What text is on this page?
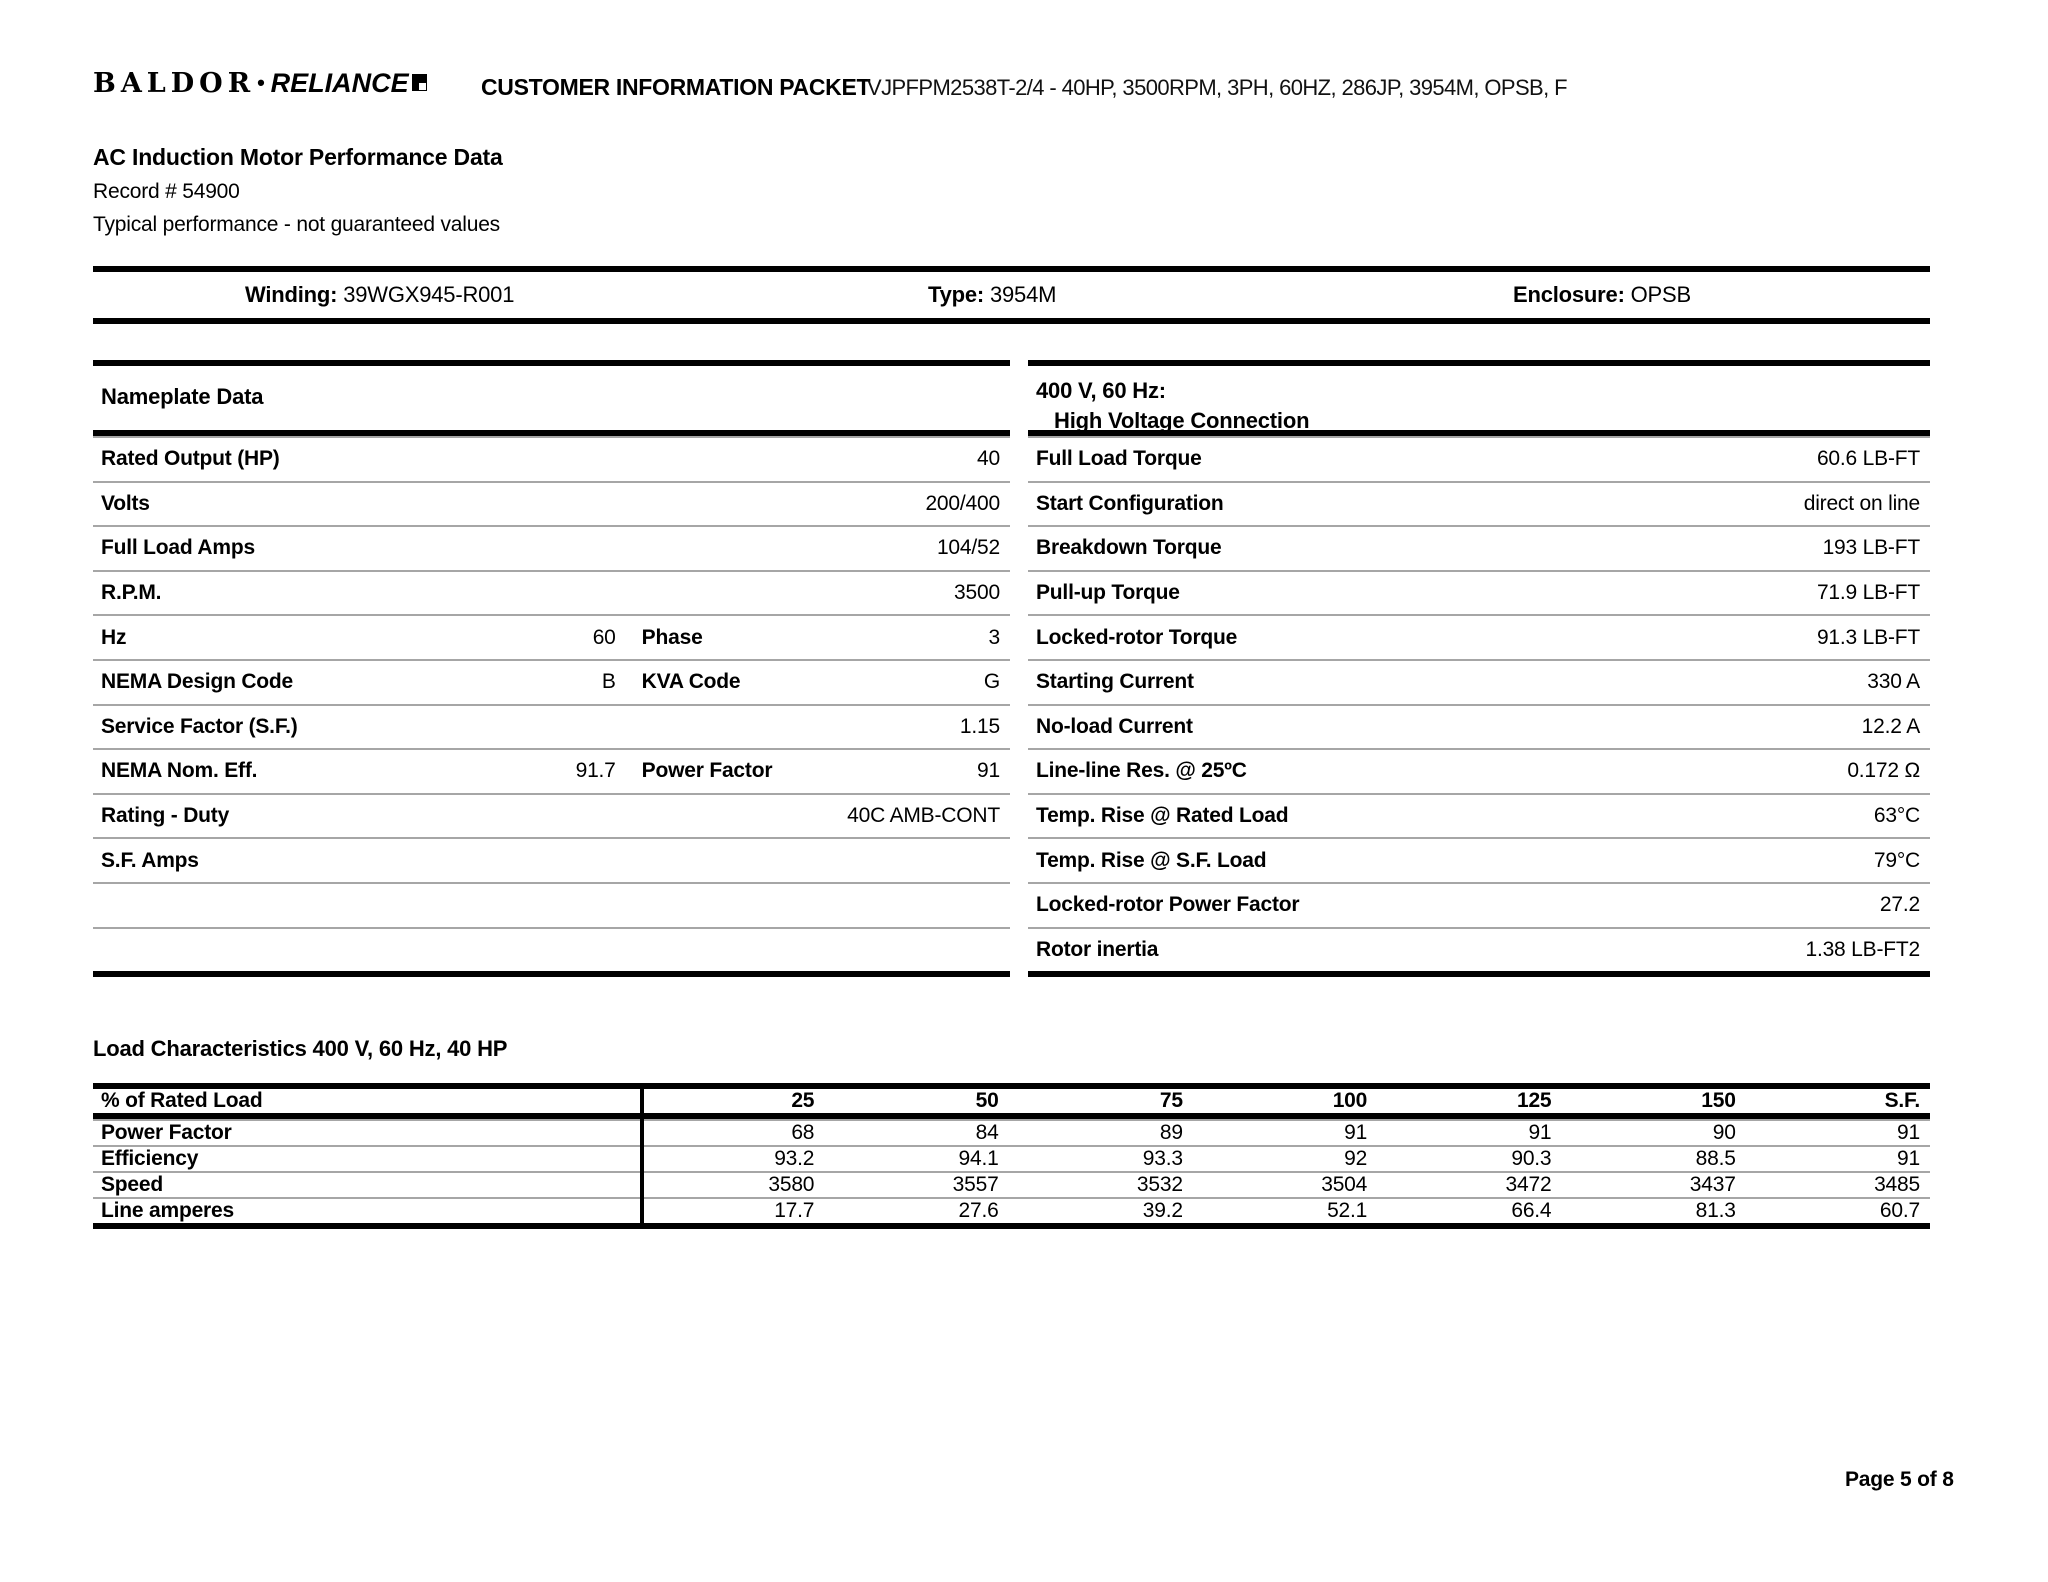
BALDOR• RELIANCE	CUSTOMER INFORMATION PACKET
VJPFPM2538T-2/4 - 40HP, 3500RPM, 3PH, 60HZ, 286JP, 3954M, OPSB, F
AC Induction Motor Performance Data
Record # 54900
Typical performance - not guaranteed values
Winding: 39WGX945-R001	Type: 3954M	Enclosure: OPSB
Nameplate Data
Rated Output (HP)	40
Volts	200/400
Full Load Amps	104/52
R.P.M.	3500
Hz	60	Phase	3
NEMA Design Code	B	KVA Code	G
Service Factor (S.F.)	1.15
NEMA Nom. Eff.	91.7	Power Factor	91
Rating - Duty	40C AMB-CONT
S.F. Amps
400 V, 60 Hz:
High Voltage Connection
Full Load Torque	60.6 LB-FT
Start Configuration	direct on line
Breakdown Torque	193 LB-FT
Pull-up Torque	71.9 LB-FT
Locked-rotor Torque	91.3 LB-FT
Starting Current	330 A
No-load Current	12.2 A
Line-line Res. @ 25ºC	0.172 Ω
Temp. Rise @ Rated Load	63°C
Temp. Rise @ S.F. Load	79°C
Locked-rotor Power Factor	27.2
Rotor inertia	1.38 LB-FT2
Load Characteristics 400 V, 60 Hz, 40 HP
% of Rated Load	25	50	75	100	125	150	S.F.
Power Factor	68	84	89	91	91	90	91
Efficiency	93.2	94.1	93.3	92	90.3	88.5	91
Speed	3580	3557	3532	3504	3472	3437	3485
Line amperes	17.7	27.6	39.2	52.1	66.4	81.3	60.7
Page 5 of 8
